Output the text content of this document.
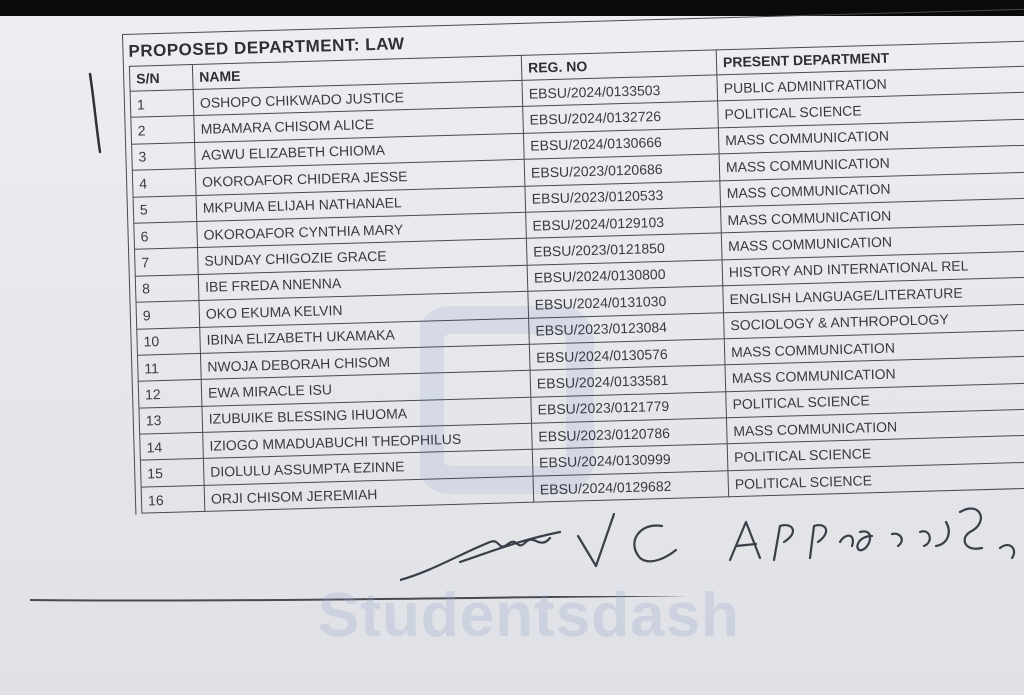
PROPOSED DEPARTMENT: LAW
S/N	NAME	REG. NO	PRESENT DEPARTMENT
1	OSHOPO CHIKWADO JUSTICE	EBSU/2024/0133503	PUBLIC ADMINITRATION
2	MBAMARA CHISOM ALICE	EBSU/2024/0132726	POLITICAL SCIENCE
3	AGWU ELIZABETH CHIOMA	EBSU/2024/0130666	MASS COMMUNICATION
4	OKOROAFOR CHIDERA JESSE	EBSU/2023/0120686	MASS COMMUNICATION
5	MKPUMA ELIJAH NATHANAEL	EBSU/2023/0120533	MASS COMMUNICATION
6	OKOROAFOR CYNTHIA MARY	EBSU/2024/0129103	MASS COMMUNICATION
7	SUNDAY CHIGOZIE GRACE	EBSU/2023/0121850	MASS COMMUNICATION
8	IBE FREDA NNENNA	EBSU/2024/0130800	HISTORY AND INTERNATIONAL REL
9	OKO EKUMA KELVIN	EBSU/2024/0131030	ENGLISH LANGUAGE/LITERATURE
10	IBINA ELIZABETH UKAMAKA	EBSU/2023/0123084	SOCIOLOGY & ANTHROPOLOGY
11	NWOJA DEBORAH CHISOM	EBSU/2024/0130576	MASS COMMUNICATION
12	EWA MIRACLE ISU	EBSU/2024/0133581	MASS COMMUNICATION
13	IZUBUIKE BLESSING IHUOMA	EBSU/2023/0121779	POLITICAL SCIENCE
14	IZIOGO MMADUABUCHI THEOPHILUS	EBSU/2023/0120786	MASS COMMUNICATION
15	DIOLULU ASSUMPTA EZINNE	EBSU/2024/0130999	POLITICAL SCIENCE
16	ORJI CHISOM JEREMIAH	EBSU/2024/0129682	POLITICAL SCIENCE
Studentsdash
